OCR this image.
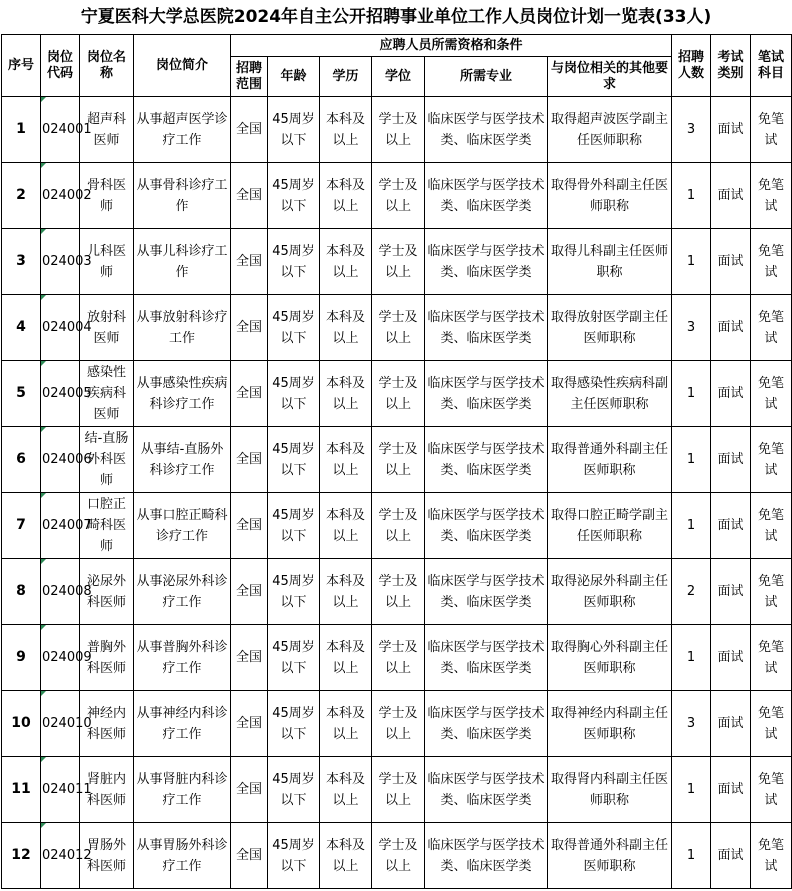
宁夏医科大学总医院2024年自主公开招聘事业单位工作人员岗位计划一览表(33人)
序号	岗位代码	岗位名称	岗位简介	应聘人员所需资格和条件						招聘人数	考试类别	笔试科目
				招聘范围	年龄	学历	学位	所需专业	与岗位相关的其他要求			
1	024001	超声科医师	从事超声医学诊疗工作	全国	45周岁以下	本科及以上	学士及以上	临床医学与医学技术类、临床医学类	取得超声波医学副主任医师职称	3	面试	免笔试
2	024002	骨科医师	从事骨科诊疗工作	全国	45周岁以下	本科及以上	学士及以上	临床医学与医学技术类、临床医学类	取得骨外科副主任医师职称	1	面试	免笔试
3	024003	儿科医师	从事儿科诊疗工作	全国	45周岁以下	本科及以上	学士及以上	临床医学与医学技术类、临床医学类	取得儿科副主任医师职称	1	面试	免笔试
4	024004	放射科医师	从事放射科诊疗工作	全国	45周岁以下	本科及以上	学士及以上	临床医学与医学技术类、临床医学类	取得放射医学副主任医师职称	3	面试	免笔试
5	024005	感染性疾病科医师	从事感染性疾病科诊疗工作	全国	45周岁以下	本科及以上	学士及以上	临床医学与医学技术类、临床医学类	取得感染性疾病科副主任医师职称	1	面试	免笔试
6	024006	结-直肠外科医师	从事结-直肠外科诊疗工作	全国	45周岁以下	本科及以上	学士及以上	临床医学与医学技术类、临床医学类	取得普通外科副主任医师职称	1	面试	免笔试
7	024007	口腔正畸科医师	从事口腔正畸科诊疗工作	全国	45周岁以下	本科及以上	学士及以上	临床医学与医学技术类、临床医学类	取得口腔正畸学副主任医师职称	1	面试	免笔试
8	024008	泌尿外科医师	从事泌尿外科诊疗工作	全国	45周岁以下	本科及以上	学士及以上	临床医学与医学技术类、临床医学类	取得泌尿外科副主任医师职称	2	面试	免笔试
9	024009	普胸外科医师	从事普胸外科诊疗工作	全国	45周岁以下	本科及以上	学士及以上	临床医学与医学技术类、临床医学类	取得胸心外科副主任医师职称	1	面试	免笔试
10	024010	神经内科医师	从事神经内科诊疗工作	全国	45周岁以下	本科及以上	学士及以上	临床医学与医学技术类、临床医学类	取得神经内科副主任医师职称	3	面试	免笔试
11	024011	肾脏内科医师	从事肾脏内科诊疗工作	全国	45周岁以下	本科及以上	学士及以上	临床医学与医学技术类、临床医学类	取得肾内科副主任医师职称	1	面试	免笔试
12	024012	胃肠外科医师	从事胃肠外科诊疗工作	全国	45周岁以下	本科及以上	学士及以上	临床医学与医学技术类、临床医学类	取得普通外科副主任医师职称	1	面试	免笔试
